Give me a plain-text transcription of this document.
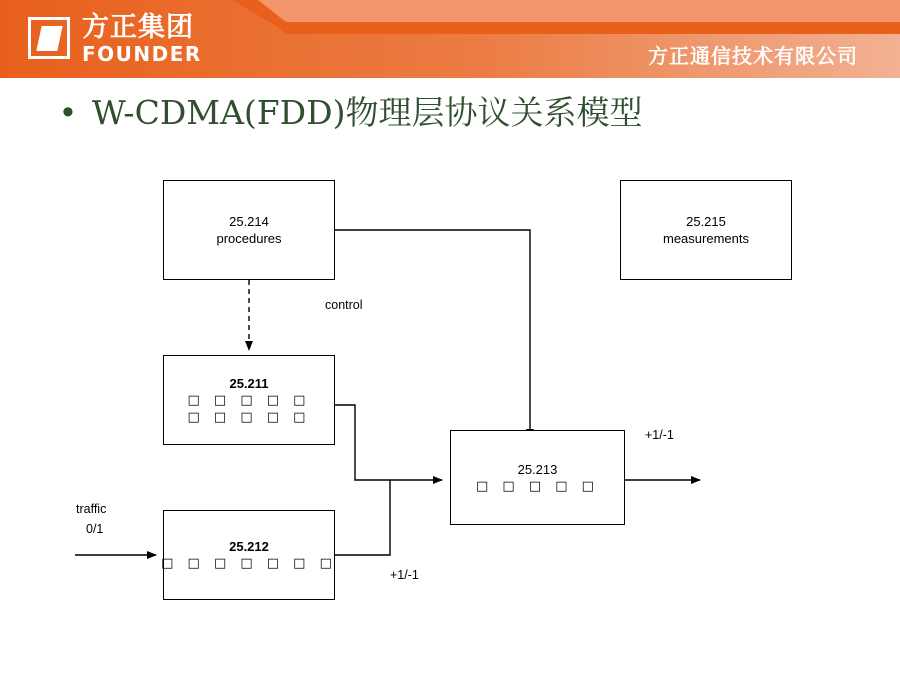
方正集团
FOUNDER	方正通信技术有限公司
• W-CDMA(FDD)物理层协议关系模型
25.214
procedures
25.215
measurements
25.211
□ □ □ □ □
□ □ □ □ □
25.212
□ □ □ □ □ □ □
25.213
□ □ □ □ □
control
traffic
0/1
+1/-1
+1/-1
